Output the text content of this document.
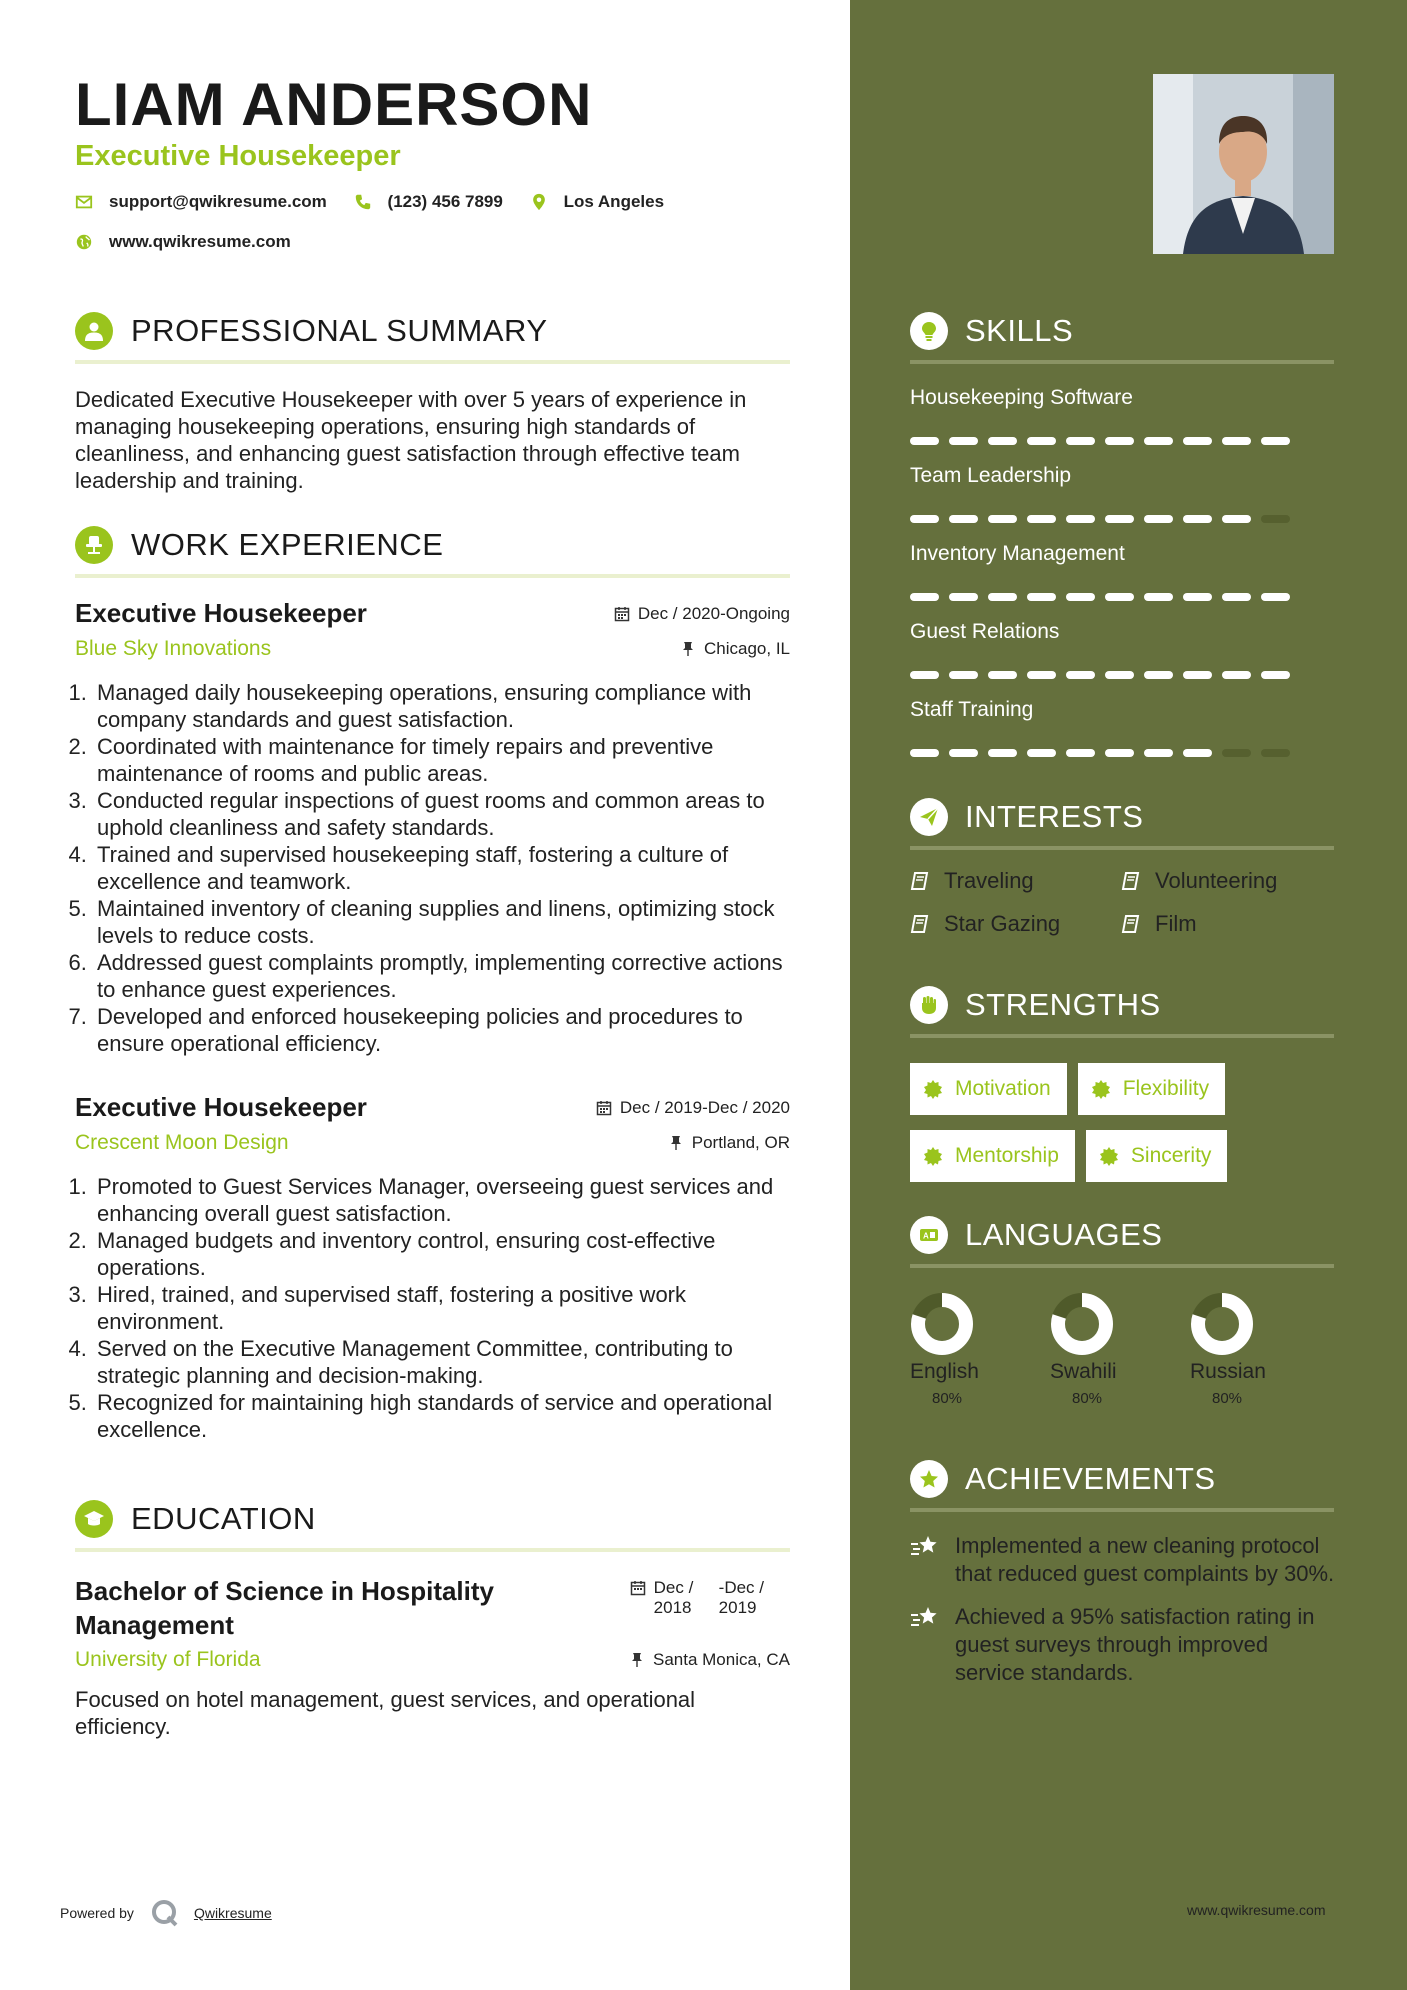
LIAM ANDERSON
Executive Housekeeper
support@qwikresume.com
	(123) 456 7899
	Los Angeles

www.qwikresume.com
PROFESSIONAL SUMMARY
Dedicated Executive Housekeeper with over 5 years of experience in managing housekeeping operations, ensuring high standards of cleanliness, and enhancing guest satisfaction through effective team leadership and training.
WORK EXPERIENCE
Executive Housekeeper	Dec / 2020-Ongoing
Blue Sky Innovations	Chicago, IL
1. Managed daily housekeeping operations, ensuring compliance with company standards and guest satisfaction.
2. Coordinated with maintenance for timely repairs and preventive maintenance of rooms and public areas.
3. Conducted regular inspections of guest rooms and common areas to uphold cleanliness and safety standards.
4. Trained and supervised housekeeping staff, fostering a culture of excellence and teamwork.
5. Maintained inventory of cleaning supplies and linens, optimizing stock levels to reduce costs.
6. Addressed guest complaints promptly, implementing corrective actions to enhance guest experiences.
7. Developed and enforced housekeeping policies and procedures to ensure operational efficiency.
Executive Housekeeper	Dec / 2019-Dec / 2020
Crescent Moon Design	Portland, OR
1. Promoted to Guest Services Manager, overseeing guest services and enhancing overall guest satisfaction.
2. Managed budgets and inventory control, ensuring cost-effective operations.
3. Hired, trained, and supervised staff, fostering a positive work environment.
4. Served on the Executive Management Committee, contributing to strategic planning and decision-making.
5. Recognized for maintaining high standards of service and operational excellence.
EDUCATION
Bachelor of Science in Hospitality Management
Dec /
2018
-Dec /
2019
University of Florida	Santa Monica, CA
Focused on hotel management, guest services, and operational efficiency.
Powered by	Qwikresume
SKILLS
Housekeeping Software
Team Leadership
Inventory Management
Guest Relations
Staff Training
INTERESTS
Traveling	Volunteering
Star Gazing	Film
STRENGTHS
Motivation	Flexibility

Mentorship	Sincerity
A LANGUAGES
English
80%
Swahili
80%
Russian
80%
ACHIEVEMENTS
Implemented a new cleaning protocol that reduced guest complaints by 30%.
Achieved a 95% satisfaction rating in guest surveys through improved service standards.
www.qwikresume.com
